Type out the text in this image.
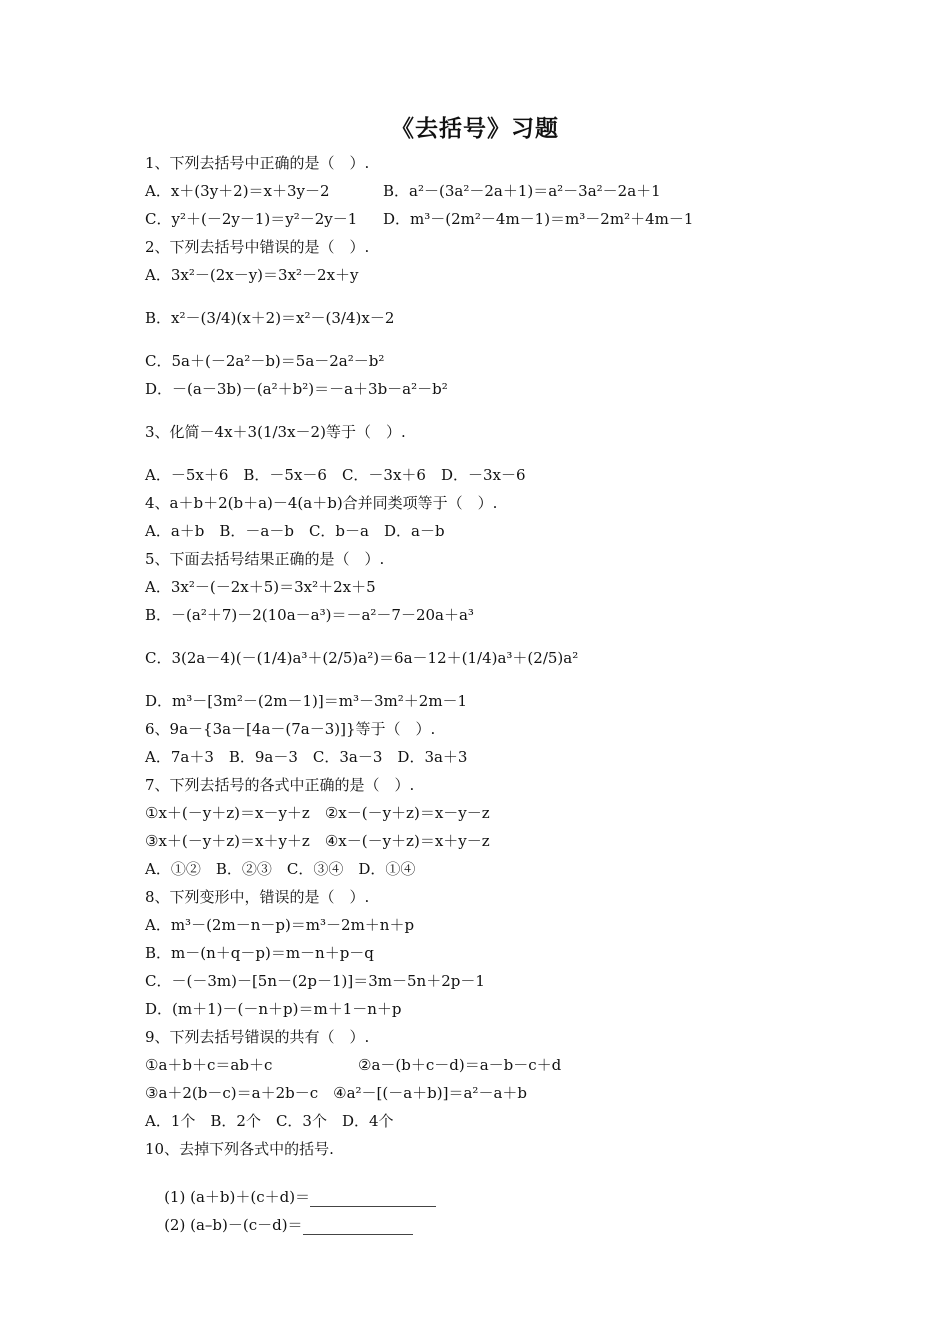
《去括号》习题
1、下列去括号中正确的是（　）.
A．x＋(3y＋2)＝x＋3y－2	B．a²－(3a²－2a＋1)＝a²－3a²－2a＋1
C．y²＋(－2y－1)＝y²－2y－1 D．m³－(2m²－4m－1)＝m³－2m²＋4m－1
2、下列去括号中错误的是（　）.
A．3x²－(2x－y)＝3x²－2x＋y
B．x²－(3/4)(x＋2)＝x²－(3/4)x－2
C．5a＋(－2a²－b)＝5a－2a²－b²
D．－(a－3b)－(a²＋b²)＝－a＋3b－a²－b²
3、化简－4x＋3(1/3x－2)等于（　）.
A．－5x＋6　B．－5x－6　C．－3x＋6　D．－3x－6
4、a＋b＋2(b＋a)－4(a＋b)合并同类项等于（　）.
A．a＋b　B．－a－b　C．b－a　D．a－b
5、下面去括号结果正确的是（　）.
A．3x²－(－2x＋5)＝3x²＋2x＋5
B．－(a²＋7)－2(10a－a³)＝－a²－7－20a＋a³
C．3(2a－4)(－(1/4)a³＋(2/5)a²)＝6a－12＋(1/4)a³＋(2/5)a²
D．m³－[3m²－(2m－1)]＝m³－3m²＋2m－1
6、9a－{3a－[4a－(7a－3)]}等于（　）.
A．7a＋3　B．9a－3　C．3a－3　D．3a＋3
7、下列去括号的各式中正确的是（　）.
①x＋(－y＋z)＝x－y＋z　②x－(－y＋z)＝x－y－z
③x＋(－y＋z)＝x＋y＋z　④x－(－y＋z)＝x＋y－z
A．①②　B．②③　C．③④　D．①④
8、下列变形中，错误的是（　）.
A．m³－(2m－n－p)＝m³－2m＋n＋p
B．m－(n＋q－p)＝m－n＋p－q
C．－(－3m)－[5n－(2p－1)]＝3m－5n＋2p－1
D．(m＋1)－(－n＋p)＝m＋1－n＋p
9、下列去括号错误的共有（　）.
①a＋b＋c＝ab＋c	②a－(b＋c－d)＝a－b－c＋d
③a＋2(b－c)＝a＋2b－c　④a²－[(－a＋b)]＝a²－a＋b
A．1个　B．2个　C．3个　D．4个
10、去掉下列各式中的括号.

(1) (a＋b)＋(c＋d)＝

(2) (a–b)－(c－d)＝
